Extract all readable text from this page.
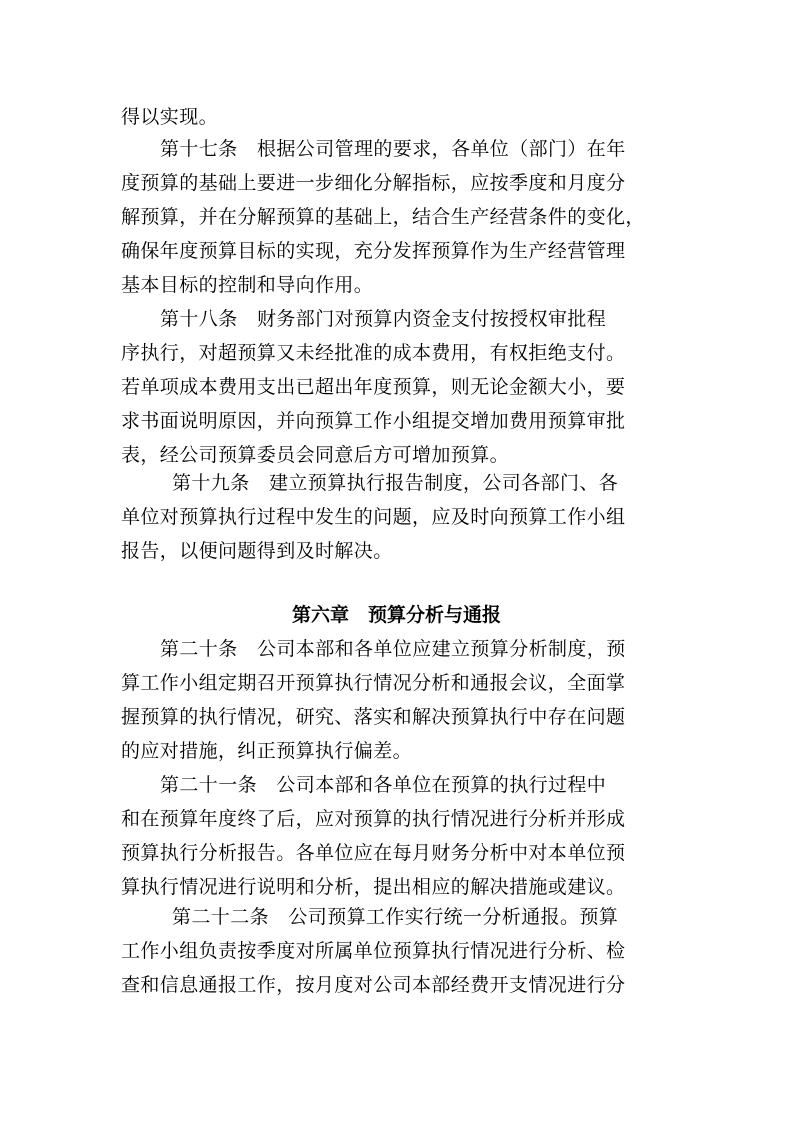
得以实现。
第十七条　根据公司管理的要求，各单位（部门）在年
度预算的基础上要进一步细化分解指标，应按季度和月度分
解预算，并在分解预算的基础上，结合生产经营条件的变化，
确保年度预算目标的实现，充分发挥预算作为生产经营管理
基本目标的控制和导向作用。
第十八条　财务部门对预算内资金支付按授权审批程
序执行，对超预算又未经批准的成本费用，有权拒绝支付。
若单项成本费用支出已超出年度预算，则无论金额大小，要
求书面说明原因，并向预算工作小组提交增加费用预算审批
表，经公司预算委员会同意后方可增加预算。
第十九条　建立预算执行报告制度，公司各部门、各
单位对预算执行过程中发生的问题，应及时向预算工作小组
报告，以便问题得到及时解决。
第六章　预算分析与通报
第二十条　公司本部和各单位应建立预算分析制度，预
算工作小组定期召开预算执行情况分析和通报会议，全面掌
握预算的执行情况，研究、落实和解决预算执行中存在问题
的应对措施，纠正预算执行偏差。
第二十一条　公司本部和各单位在预算的执行过程中
和在预算年度终了后，应对预算的执行情况进行分析并形成
预算执行分析报告。各单位应在每月财务分析中对本单位预
算执行情况进行说明和分析，提出相应的解决措施或建议。
第二十二条　公司预算工作实行统一分析通报。预算
工作小组负责按季度对所属单位预算执行情况进行分析、检
查和信息通报工作，按月度对公司本部经费开支情况进行分
